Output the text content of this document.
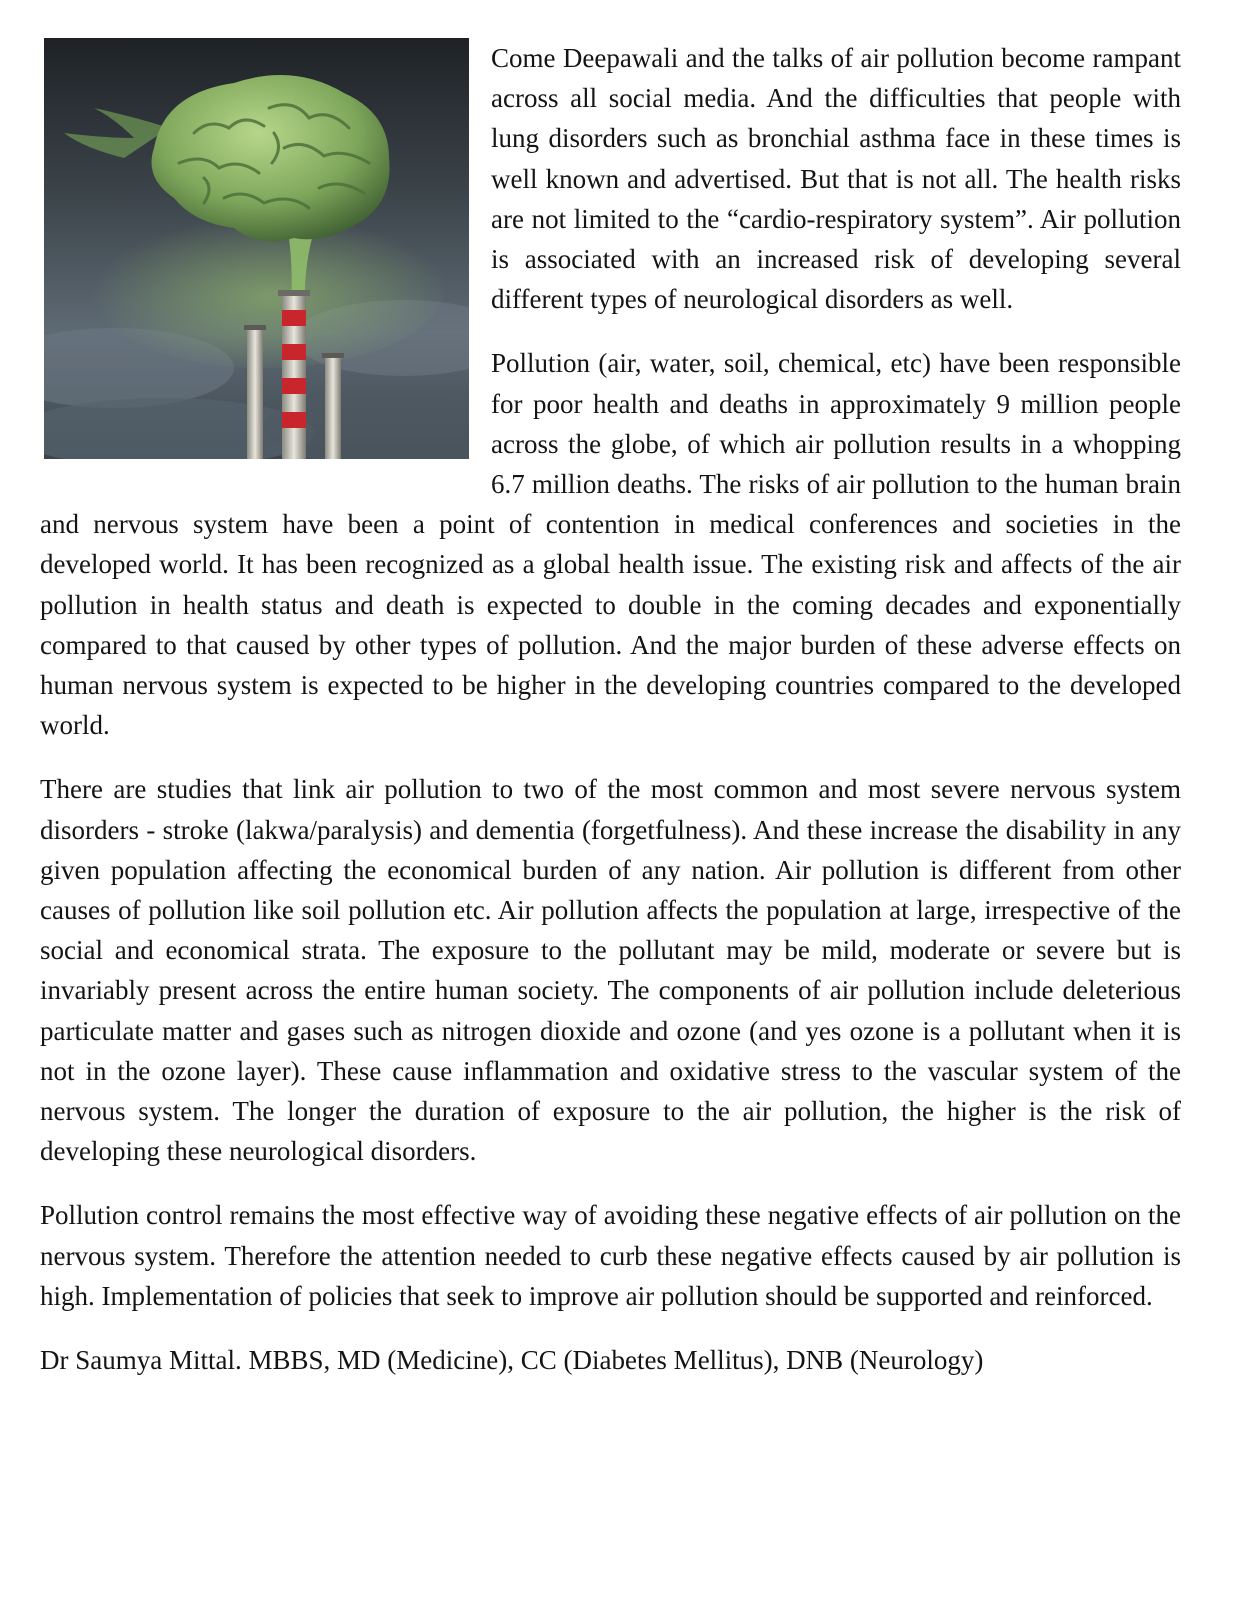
Come Deepawali and the talks of air pollution become rampant across all social media. And the difficulties that people with lung disorders such as bronchial asthma face in these times is well known and advertised. But that is not all. The health risks are not limited to the “cardio-respiratory system”. Air pollution is associated with an increased risk of developing several different types of neurological disorders as well.

Pollution (air, water, soil, chemical, etc) have been responsible for poor health and deaths in approximately 9 million people across the globe, of which air pollution results in a whopping 6.7 million deaths. The risks of air pollution to the human brain and nervous system have been a point of contention in medical conferences and societies in the developed world. It has been recognized as a global health issue. The existing risk and affects of the air pollution in health status and death is expected to double in the coming decades and exponentially compared to that caused by other types of pollution. And the major burden of these adverse effects on human nervous system is expected to be higher in the developing countries compared to the developed world.

There are studies that link air pollution to two of the most common and most severe nervous system disorders - stroke (lakwa/paralysis) and dementia (forgetfulness). And these increase the disability in any given population affecting the economical burden of any nation. Air pollution is different from other causes of pollution like soil pollution etc. Air pollution affects the population at large, irrespective of the social and economical strata. The exposure to the pollutant may be mild, moderate or severe but is invariably present across the entire human society. The components of air pollution include deleterious particulate matter and gases such as nitrogen dioxide and ozone (and yes ozone is a pollutant when it is not in the ozone layer). These cause inflammation and oxidative stress to the vascular system of the nervous system. The longer the duration of exposure to the air pollution, the higher is the risk of developing these neurological disorders.

Pollution control remains the most effective way of avoiding these negative effects of air pollution on the nervous system. Therefore the attention needed to curb these negative effects caused by air pollution is high. Implementation of policies that seek to improve air pollution should be supported and reinforced.

Dr Saumya Mittal. MBBS, MD (Medicine), CC (Diabetes Mellitus), DNB (Neurology)
